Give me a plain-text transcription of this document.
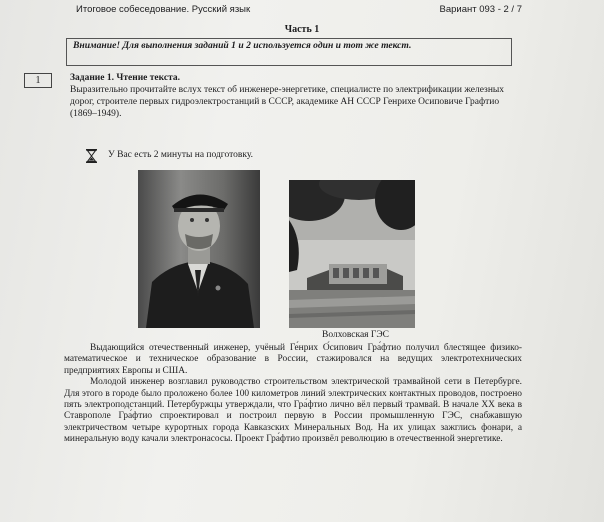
Итоговое собеседование. Русский язык	Вариант 093 - 2 / 7
Часть 1
Внимание! Для выполнения заданий 1 и 2 используется один и тот же текст.
1	Задание 1. Чтение текста.
Выразительно прочитайте вслух текст об инженере-энергетике, специалисте по электрификации железных дорог, строителе первых гидроэлектростанций в СССР, академике АН СССР Генрихе Осиповиче Графтио (1869–1949).
У Вас есть 2 минуты на подготовку.
Волховская ГЭС

Выдающийся отечественный инженер, учёный Ге́нрих О́сипович Гра́фтио получил блестящее физико-математическое и техническое образование в России, стажировался на ведущих электротехнических предприятиях Европы и США.

Молодой инженер возглавил руководство строительством электрической трамвайной сети в Петербурге. Для этого в городе было проложено более 100 километров линий электрических контактных проводов, построено пять электроподстанций. Петербуржцы утверждали, что Гра́фтио лично вёл первый трамвай. В начале XX века в Ставрополе Гра́фтио спроектировал и построил первую в России промышленную ГЭС, снабжавшую электричеством четыре курортных города Кавказских Минеральных Вод. На их улицах зажглись фонари, а минеральную воду качали электронасосы. Проект Гра́фтио произвёл революцию в отечественной энергетике.
